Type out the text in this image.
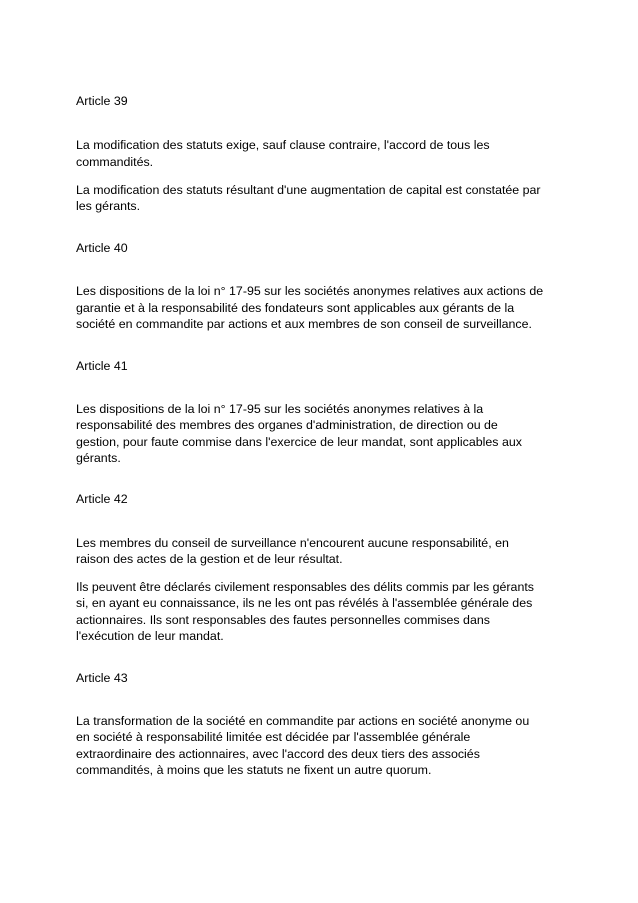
Article 39
La modification des statuts exige, sauf clause contraire, l'accord de tous les
commandités.
La modification des statuts résultant d'une augmentation de capital est constatée par
les gérants.
Article 40
Les dispositions de la loi n° 17-95 sur les sociétés anonymes relatives aux actions de
garantie et à la responsabilité des fondateurs sont applicables aux gérants de la
société en commandite par actions et aux membres de son conseil de surveillance.
Article 41
Les dispositions de la loi n° 17-95 sur les sociétés anonymes relatives à la
responsabilité des membres des organes d'administration, de direction ou de
gestion, pour faute commise dans l'exercice de leur mandat, sont applicables aux
gérants.
Article 42
Les membres du conseil de surveillance n'encourent aucune responsabilité, en
raison des actes de la gestion et de leur résultat.
Ils peuvent être déclarés civilement responsables des délits commis par les gérants
si, en ayant eu connaissance, ils ne les ont pas révélés à l'assemblée générale des
actionnaires. Ils sont responsables des fautes personnelles commises dans
l'exécution de leur mandat.
Article 43
La transformation de la société en commandite par actions en société anonyme ou
en société à responsabilité limitée est décidée par l'assemblée générale
extraordinaire des actionnaires, avec l'accord des deux tiers des associés
commandités, à moins que les statuts ne fixent un autre quorum.
